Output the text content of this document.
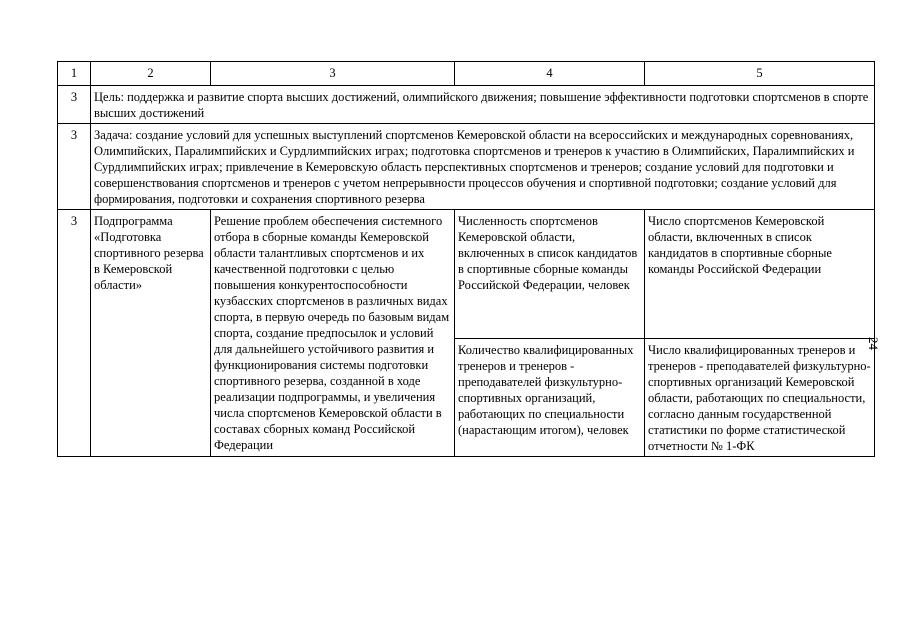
1	2	3	4	5
3	Цель: поддержка и развитие спорта высших достижений, олимпийского движения; повышение эффективности подготовки спортсменов в спорте высших достижений			
3	Задача: создание условий для успешных выступлений спортсменов Кемеровской области на всероссийских и международных соревнованиях, Олимпийских, Паралимпийских и Сурдлимпийских играх; подготовка спортсменов и тренеров к участию в Олимпийских, Паралимпийских и Сурдлимпийских играх; привлечение в Кемеровскую область перспективных спортсменов и тренеров; создание условий для подготовки и совершенствования спортсменов и тренеров с учетом непрерывности процессов обучения и спортивной подготовки; создание условий для формирования, подготовки и сохранения спортивного резерва			
3	Подпрограмма «Подготовка спортивного резерва в Кемеровской области»	Решение проблем обеспечения системного отбора в сборные команды Кемеровской области талантливых спортсменов и их качественной подготовки с целью повышения конкурентоспособности кузбасских спортсменов в различных видах спорта, в первую очередь по базовым видам спорта, создание предпосылок и условий для дальнейшего устойчивого развития и функционирования системы подготовки спортивного резерва, созданной в ходе реализации подпрограммы, и увеличения числа спортсменов Кемеровской области в составах сборных команд Российской Федерации	Численность спортсменов Кемеровской области, включенных в список кандидатов в спортивные сборные команды Российской Федерации, человек	Число спортсменов Кемеровской области, включенных в список кандидатов в спортивные сборные команды Российской Федерации
			Количество квалифицированных тренеров и тренеров - преподавателей физкультурно-спортивных организаций, работающих по специальности (нарастающим итогом), человек	Число квалифицированных тренеров и тренеров - преподавателей физкультурно-спортивных организаций Кемеровской области, работающих по специальности, согласно данным государственной статистики по форме статистической отчетности № 1-ФК
24
